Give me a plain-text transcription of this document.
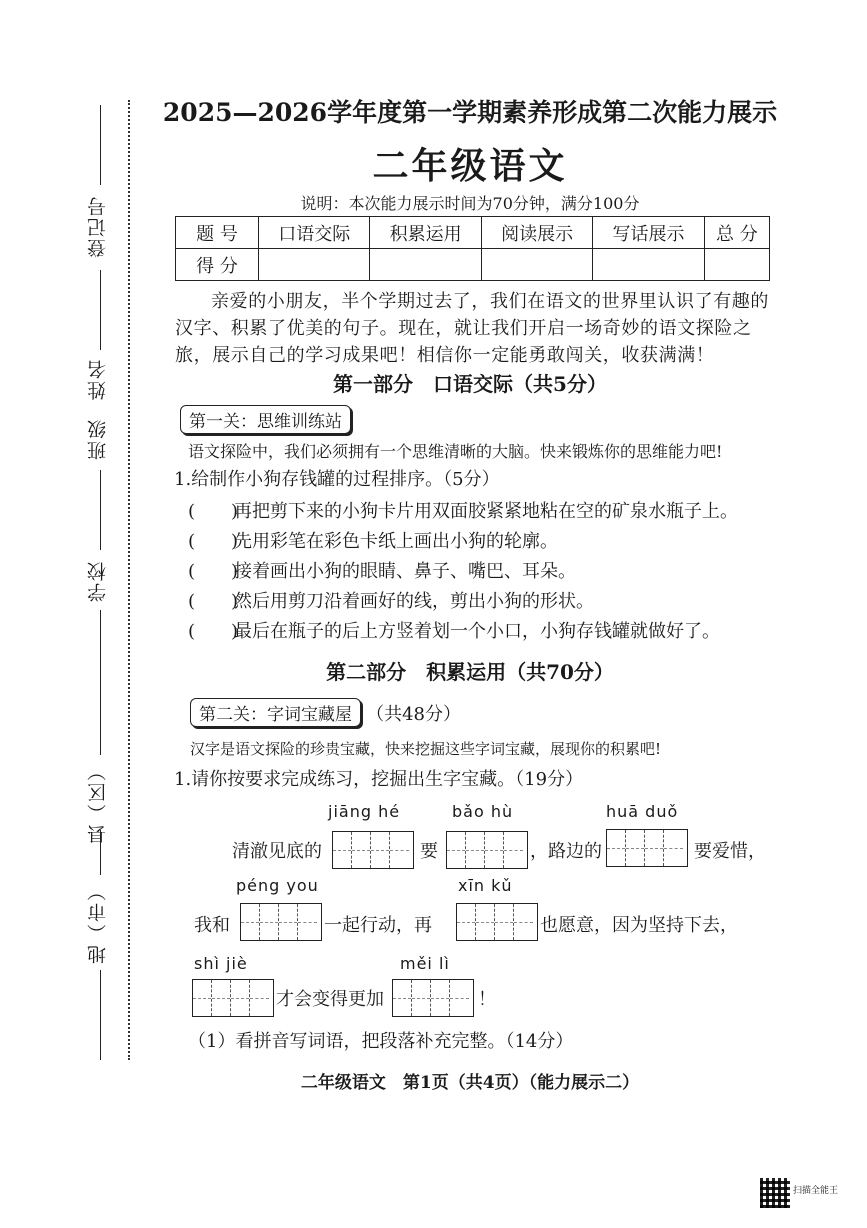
登记号
姓名
班级
学校
县（区）
地（市）
2025—2026学年度第一学期素养形成第二次能力展示
二年级语文
说明：本次能力展示时间为70分钟，满分100分
题 号	口语交际	积累运用	阅读展示	写话展示	总 分
得 分					
亲爱的小朋友，半个学期过去了，我们在语文的世界里认识了有趣的汉字、积累了优美的句子。现在，就让我们开启一场奇妙的语文探险之旅，展示自己的学习成果吧！相信你一定能勇敢闯关，收获满满！
第一部分　口语交际（共5分）
第一关：思维训练站
语文探险中，我们必须拥有一个思维清晰的大脑。快来锻炼你的思维能力吧!
1.给制作小狗存钱罐的过程排序。（5分）
(　　)再把剪下来的小狗卡片用双面胶紧紧地粘在空的矿泉水瓶子上。
(　　)先用彩笔在彩色卡纸上画出小狗的轮廓。
(　　)接着画出小狗的眼睛、鼻子、嘴巴、耳朵。
(　　)然后用剪刀沿着画好的线，剪出小狗的形状。
(　　)最后在瓶子的后上方竖着划一个小口，小狗存钱罐就做好了。
第二部分　积累运用（共70分）
第二关：字词宝藏屋 （共48分）
汉字是语文探险的珍贵宝藏，快来挖掘这些字词宝藏，展现你的积累吧!
1.请你按要求完成练习，挖掘出生字宝藏。（19分）
jiāng hé	bǎo hù	huā duǒ
清澈见底的	要	，路边的	要爱惜，
péng you	xīn kǔ
我和	一起行动，再	也愿意，因为坚持下去，
shì jiè	měi lì
才会变得更加	！
（1）看拼音写词语，把段落补充完整。（14分）
二年级语文　第1页（共4页）（能力展示二）
扫描全能王
